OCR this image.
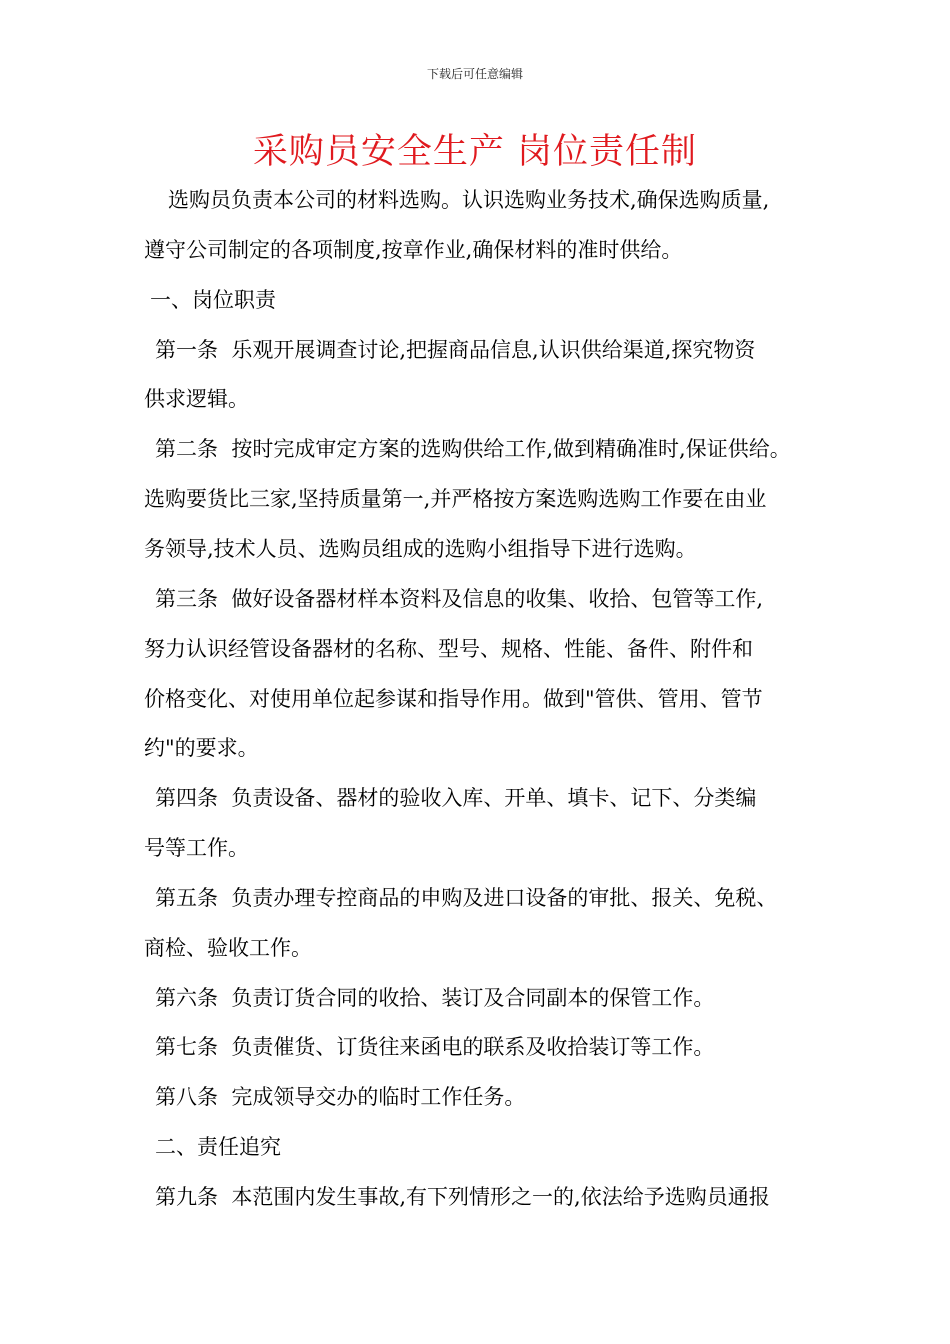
下载后可任意编辑
采购员安全生产 岗位责任制

选购员负责本公司的材料选购。认识选购业务技术,确保选购质量,

遵守公司制定的各项制度,按章作业,确保材料的准时供给。

一、岗位职责

第一条  乐观开展调查讨论,把握商品信息,认识供给渠道,探究物资

供求逻辑。

第二条  按时完成审定方案的选购供给工作,做到精确准时,保证供给。

选购要货比三家,坚持质量第一,并严格按方案选购选购工作要在由业

务领导,技术人员、选购员组成的选购小组指导下进行选购。

第三条  做好设备器材样本资料及信息的收集、收拾、包管等工作,

努力认识经管设备器材的名称、型号、规格、性能、备件、附件和

价格变化、对使用单位起参谋和指导作用。做到"管供、管用、管节

约"的要求。

第四条  负责设备、器材的验收入库、开单、填卡、记下、分类编

号等工作。

第五条  负责办理专控商品的申购及进口设备的审批、报关、免税、

商检、验收工作。

第六条  负责订货合同的收拾、装订及合同副本的保管工作。

第七条  负责催货、订货往来函电的联系及收拾装订等工作。

第八条  完成领导交办的临时工作任务。

二、责任追究

第九条  本范围内发生事故,有下列情形之一的,依法给予选购员通报
